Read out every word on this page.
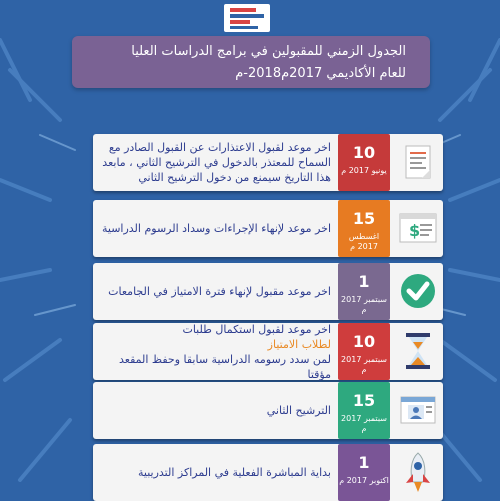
الجدول الزمني للمقبولين في برامج الدراسات العليا
للعام الأكاديمي 2017م2018-م
اخر موعد لقبول الاعتذارات عن القبول الصادر مع السماح للمعتذر بالدخول في الترشيح الثاني ، مابعد هذا التاريخ سيمنع من دخول الترشيح الثاني
10
يونيو 2017 م
اخر موعد لإنهاء الإجراءات وسداد الرسوم الدراسية
15
اغسطس 2017 م
$
اخر موعد مقبول لإنهاء فترة الامتياز في الجامعات
1
سبتمبر 2017 م
اخر موعد لقبول استكمال طلبات
لطلاب الامتياز
لمن سدد رسومه الدراسية سابقا وحفظ المقعد مؤقتا
10
سبتمبر 2017 م
الترشيح الثاني
15
سبتمبر 2017 م
بداية المباشرة الفعلية في المراكز التدريبية
1
اكتوبر 2017 م
